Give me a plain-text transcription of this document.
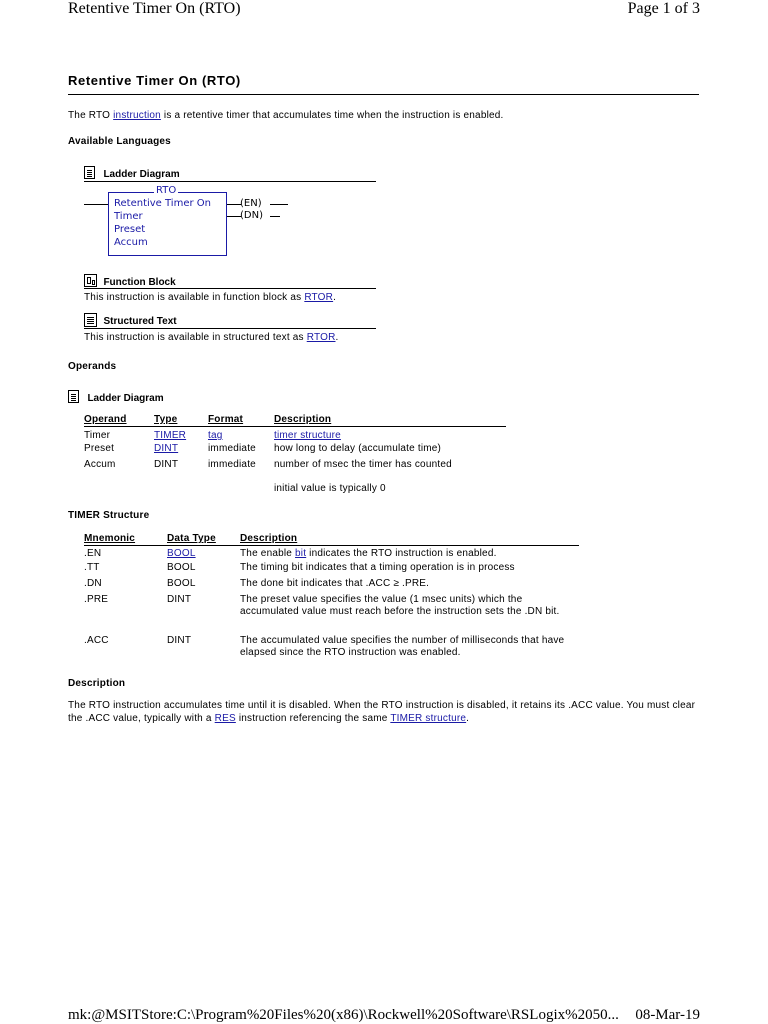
Retentive Timer On (RTO)	Page 1 of 3
Retentive Timer On (RTO)
The RTO instruction is a retentive timer that accumulates time when the instruction is enabled.
Available Languages
Ladder Diagram
RTO
Retentive Timer On
Timer
Preset
Accum
(EN)
(DN)
Function Block
This instruction is available in function block as RTOR.
Structured Text
This instruction is available in structured text as RTOR.
Operands
Ladder Diagram
Operand	Type	Format	Description
Timer	TIMER	tag	timer structure
Preset	DINT	immediate	how long to delay (accumulate time)
Accum	DINT	immediate	number of msec the timer has counted
initial value is typically 0
TIMER Structure
Mnemonic	Data Type	Description
.EN	BOOL	The enable bit indicates the RTO instruction is enabled.
.TT	BOOL	The timing bit indicates that a timing operation is in process
.DN	BOOL	The done bit indicates that .ACC ≥ .PRE.
.PRE	DINT	The preset value specifies the value (1 msec units) which the accumulated value must reach before the instruction sets the .DN bit.
.ACC	DINT	The accumulated value specifies the number of milliseconds that have elapsed since the RTO instruction was enabled.
Description
The RTO instruction accumulates time until it is disabled. When the RTO instruction is disabled, it retains its .ACC value. You must clear the .ACC value, typically with a RES instruction referencing the same TIMER structure.
mk:@MSITStore:C:\Program%20Files%20(x86)\Rockwell%20Software\RSLogix%2050... 08-Mar-19
